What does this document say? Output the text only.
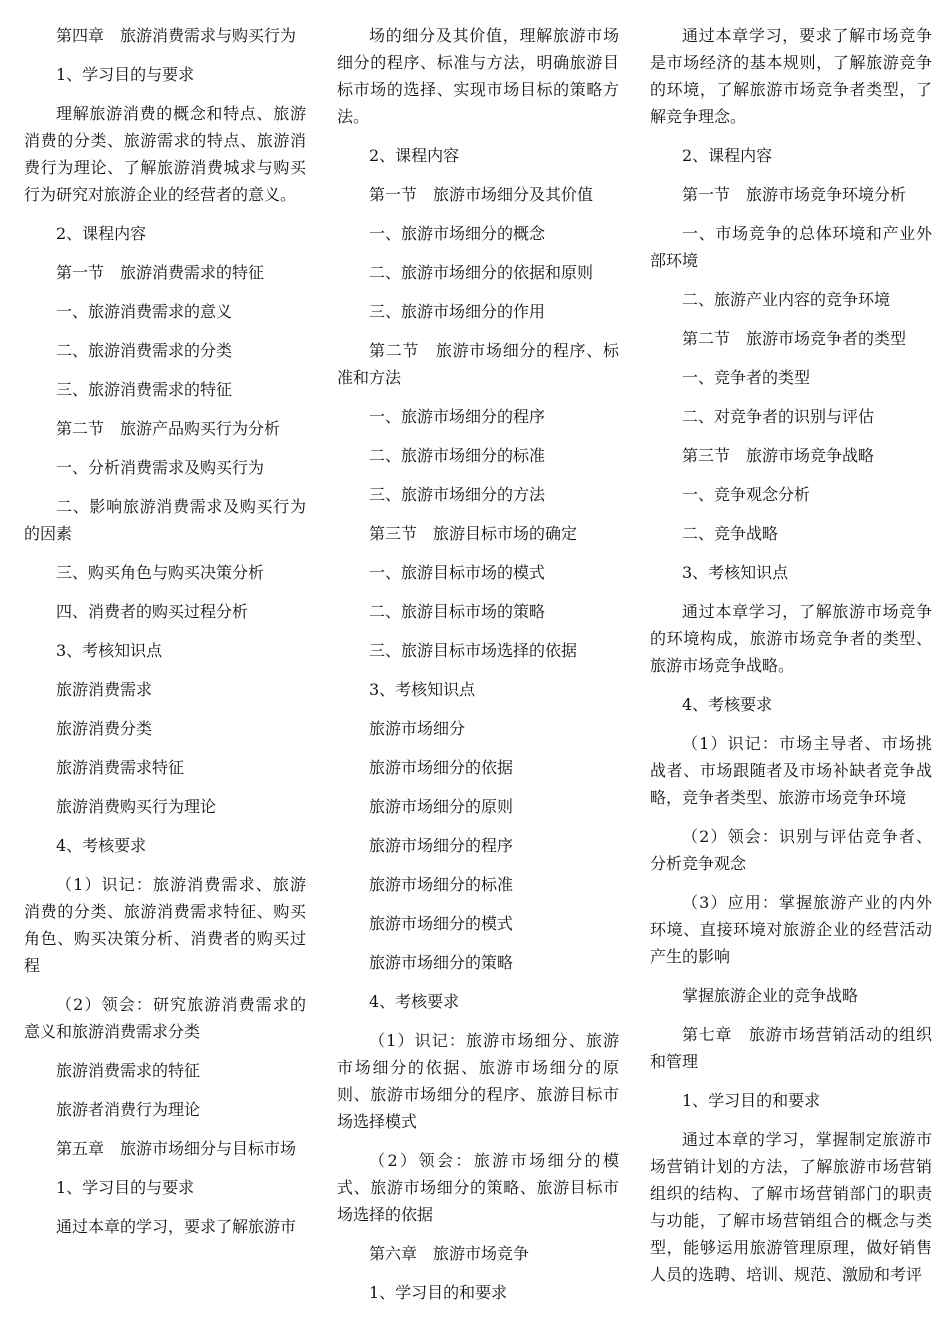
第四章　旅游消费需求与购买行为

1、学习目的与要求

理解旅游消费的概念和特点、旅游消费的分类、旅游需求的特点、旅游消费行为理论、了解旅游消费城求与购买行为研究对旅游企业的经营者的意义。

2、课程内容

第一节　旅游消费需求的特征

一、旅游消费需求的意义

二、旅游消费需求的分类

三、旅游消费需求的特征

第二节　旅游产品购买行为分析

一、分析消费需求及购买行为

二、影响旅游消费需求及购买行为的因素

三、购买角色与购买决策分析

四、消费者的购买过程分析

3、考核知识点

旅游消费需求

旅游消费分类

旅游消费需求特征

旅游消费购买行为理论

4、考核要求

（1）识记：旅游消费需求、旅游消费的分类、旅游消费需求特征、购买角色、购买决策分析、消费者的购买过程

（2）领会：研究旅游消费需求的意义和旅游消费需求分类

旅游消费需求的特征

旅游者消费行为理论

第五章　旅游市场细分与目标市场

1、学习目的与要求

通过本章的学习，要求了解旅游市

场的细分及其价值，理解旅游市场细分的程序、标准与方法，明确旅游目标市场的选择、实现市场目标的策略方法。

2、课程内容

第一节　旅游市场细分及其价值

一、旅游市场细分的概念

二、旅游市场细分的依据和原则

三、旅游市场细分的作用

第二节　旅游市场细分的程序、标准和方法

一、旅游市场细分的程序

二、旅游市场细分的标准

三、旅游市场细分的方法

第三节　旅游目标市场的确定

一、旅游目标市场的模式

二、旅游目标市场的策略

三、旅游目标市场选择的依据

3、考核知识点

旅游市场细分

旅游市场细分的依据

旅游市场细分的原则

旅游市场细分的程序

旅游市场细分的标准

旅游市场细分的模式

旅游市场细分的策略

4、考核要求

（1）识记：旅游市场细分、旅游市场细分的依据、旅游市场细分的原则、旅游市场细分的程序、旅游目标市场选择模式

（2）领会：旅游市场细分的模式、旅游市场细分的策略、旅游目标市场选择的依据

第六章　旅游市场竞争

1、学习目的和要求

通过本章学习，要求了解市场竞争是市场经济的基本规则，了解旅游竞争的环境，了解旅游市场竞争者类型，了解竞争理念。

2、课程内容

第一节　旅游市场竞争环境分析

一、市场竞争的总体环境和产业外部环境

二、旅游产业内容的竞争环境

第二节　旅游市场竞争者的类型

一、竞争者的类型

二、对竞争者的识别与评估

第三节　旅游市场竞争战略

一、竞争观念分析

二、竞争战略

3、考核知识点

通过本章学习，了解旅游市场竞争的环境构成，旅游市场竞争者的类型、旅游市场竞争战略。

4、考核要求

（1）识记：市场主导者、市场挑战者、市场跟随者及市场补缺者竞争战略，竞争者类型、旅游市场竞争环境

（2）领会：识别与评估竞争者、分析竞争观念

（3）应用：掌握旅游产业的内外环境、直接环境对旅游企业的经营活动产生的影响

掌握旅游企业的竞争战略

第七章　旅游市场营销活动的组织和管理

1、学习目的和要求

通过本章的学习，掌握制定旅游市场营销计划的方法，了解旅游市场营销组织的结构、了解市场营销部门的职责与功能，了解市场营销组合的概念与类型，能够运用旅游管理原理，做好销售人员的选聘、培训、规范、激励和考评
